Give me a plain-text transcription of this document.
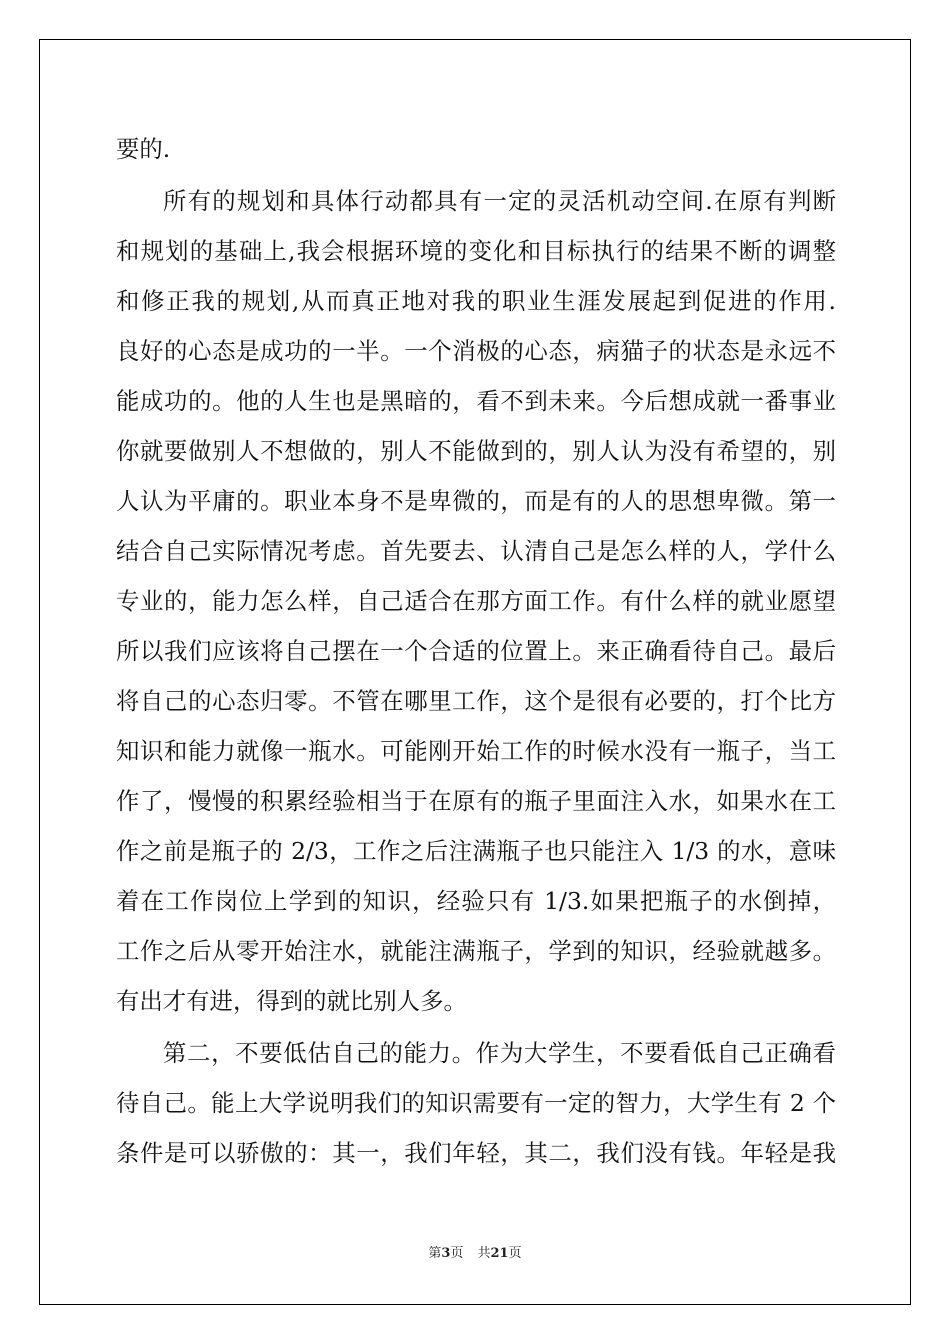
要的.
所有的规划和具体行动都具有一定的灵活机动空间.在原有判断
和规划的基础上,我会根据环境的变化和目标执行的结果不断的调整
和修正我的规划,从而真正地对我的职业生涯发展起到促进的作用.
良好的心态是成功的一半。一个消极的心态，病猫子的状态是永远不
能成功的。他的人生也是黑暗的，看不到未来。今后想成就一番事业
你就要做别人不想做的，别人不能做到的，别人认为没有希望的，别
人认为平庸的。职业本身不是卑微的，而是有的人的思想卑微。第一
结合自己实际情况考虑。首先要去、认清自己是怎么样的人，学什么
专业的，能力怎么样，自己适合在那方面工作。有什么样的就业愿望
所以我们应该将自己摆在一个合适的位置上。来正确看待自己。最后
将自己的心态归零。不管在哪里工作，这个是很有必要的，打个比方
知识和能力就像一瓶水。可能刚开始工作的时候水没有一瓶子，当工
作了，慢慢的积累经验相当于在原有的瓶子里面注入水，如果水在工
作之前是瓶子的 2/3，工作之后注满瓶子也只能注入 1/3 的水，意味
着在工作岗位上学到的知识，经验只有 1/3.如果把瓶子的水倒掉，
工作之后从零开始注水，就能注满瓶子，学到的知识，经验就越多。
有出才有进，得到的就比别人多。
第二，不要低估自己的能力。作为大学生，不要看低自己正确看
待自己。能上大学说明我们的知识需要有一定的智力，大学生有 2 个
条件是可以骄傲的：其一，我们年轻，其二，我们没有钱。年轻是我
第3页 共21页
